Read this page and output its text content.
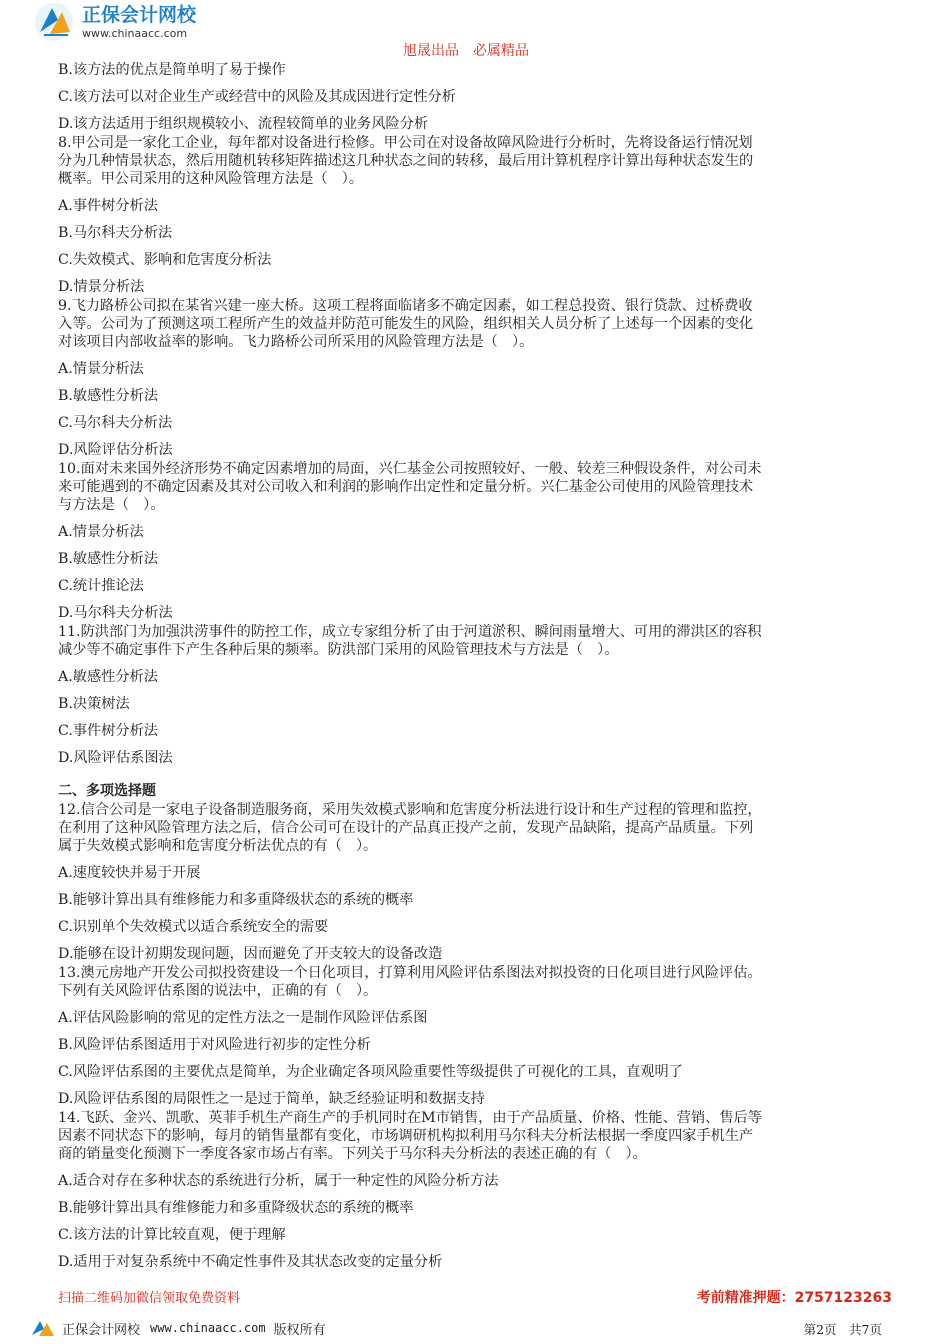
正保会计网校
www.chinaacc.com
旭晟出品　必属精品
B.该方法的优点是简单明了易于操作
C.该方法可以对企业生产或经营中的风险及其成因进行定性分析
D.该方法适用于组织规模较小、流程较简单的业务风险分析
8.甲公司是一家化工企业，每年都对设备进行检修。甲公司在对设备故障风险进行分析时，先将设备运行情况划
分为几种情景状态，然后用随机转移矩阵描述这几种状态之间的转移，最后用计算机程序计算出每种状态发生的
概率。甲公司采用的这种风险管理方法是（　）。
A.事件树分析法
B.马尔科夫分析法
C.失效模式、影响和危害度分析法
D.情景分析法
9.飞力路桥公司拟在某省兴建一座大桥。这项工程将面临诸多不确定因素，如工程总投资、银行贷款、过桥费收
入等。公司为了预测这项工程所产生的效益并防范可能发生的风险，组织相关人员分析了上述每一个因素的变化
对该项目内部收益率的影响。飞力路桥公司所采用的风险管理方法是（　）。
A.情景分析法
B.敏感性分析法
C.马尔科夫分析法
D.风险评估分析法
10.面对未来国外经济形势不确定因素增加的局面，兴仁基金公司按照较好、一般、较差三种假设条件，对公司未
来可能遇到的不确定因素及其对公司收入和利润的影响作出定性和定量分析。兴仁基金公司使用的风险管理技术
与方法是（　）。
A.情景分析法
B.敏感性分析法
C.统计推论法
D.马尔科夫分析法
11.防洪部门为加强洪涝事件的防控工作，成立专家组分析了由于河道淤积、瞬间雨量增大、可用的滞洪区的容积
减少等不确定事件下产生各种后果的频率。防洪部门采用的风险管理技术与方法是（　）。
A.敏感性分析法
B.决策树法
C.事件树分析法
D.风险评估系图法
二、多项选择题
12.信合公司是一家电子设备制造服务商，采用失效模式影响和危害度分析法进行设计和生产过程的管理和监控，
在利用了这种风险管理方法之后，信合公司可在设计的产品真正投产之前，发现产品缺陷，提高产品质量。下列
属于失效模式影响和危害度分析法优点的有（　）。
A.速度较快并易于开展
B.能够计算出具有维修能力和多重降级状态的系统的概率
C.识别单个失效模式以适合系统安全的需要
D.能够在设计初期发现问题，因而避免了开支较大的设备改造
13.澳元房地产开发公司拟投资建设一个日化项目，打算利用风险评估系图法对拟投资的日化项目进行风险评估。
下列有关风险评估系图的说法中，正确的有（　）。
A.评估风险影响的常见的定性方法之一是制作风险评估系图
B.风险评估系图适用于对风险进行初步的定性分析
C.风险评估系图的主要优点是简单，为企业确定各项风险重要性等级提供了可视化的工具，直观明了
D.风险评估系图的局限性之一是过于简单，缺乏经验证明和数据支持
14.飞跃、金兴、凯歌、英菲手机生产商生产的手机同时在M市销售，由于产品质量、价格、性能、营销、售后等
因素不同状态下的影响，每月的销售量都有变化，市场调研机构拟利用马尔科夫分析法根据一季度四家手机生产
商的销量变化预测下一季度各家市场占有率。下列关于马尔科夫分析法的表述正确的有（　）。
A.适合对存在多种状态的系统进行分析，属于一种定性的风险分析方法
B.能够计算出具有维修能力和多重降级状态的系统的概率
C.该方法的计算比较直观，便于理解
D.适用于对复杂系统中不确定性事件及其状态改变的定量分析
扫描二维码加微信领取免费资料	考前精准押题：2757123263
正保会计网校 www.chinaacc.com 版权所有	第2页　共7页
